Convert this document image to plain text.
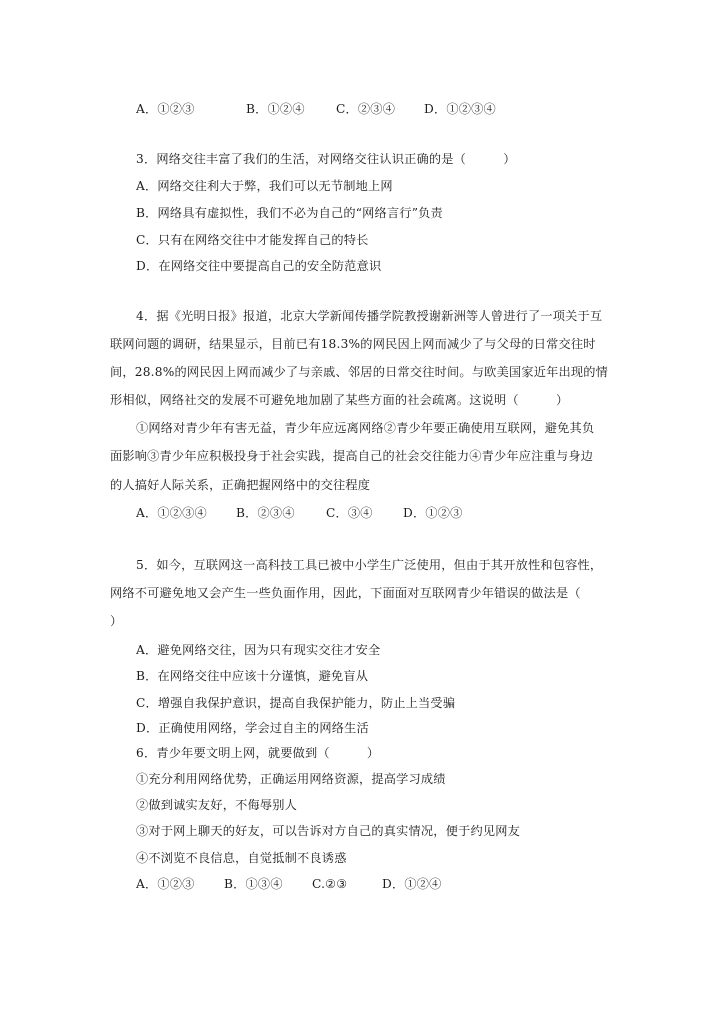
A．①②③	B．①②④	C．②③④ D．①②③④
3．网络交往丰富了我们的生活，对网络交往认识正确的是（　　　）
A．网络交往利大于弊，我们可以无节制地上网
B．网络具有虚拟性，我们不必为自己的“网络言行”负责
C．只有在网络交往中才能发挥自己的特长
D．在网络交往中要提高自己的安全防范意识
4．据《光明日报》报道，北京大学新闻传播学院教授谢新洲等人曾进行了一项关于互
联网问题的调研，结果显示，目前已有18.3%的网民因上网而减少了与父母的日常交往时
间，28.8%的网民因上网而减少了与亲戚、邻居的日常交往时间。与欧美国家近年出现的情
形相似，网络社交的发展不可避免地加剧了某些方面的社会疏离。这说明（　　　）
①网络对青少年有害无益，青少年应远离网络②青少年要正确使用互联网，避免其负
面影响③青少年应积极投身于社会实践，提高自己的社会交往能力④青少年应注重与身边
的人搞好人际关系，正确把握网络中的交往程度
A．①②③④ B．②③④	C．③④ D．①②③
5．如今，互联网这一高科技工具已被中小学生广泛使用，但由于其开放性和包容性，
网络不可避免地又会产生一些负面作用，因此，下面面对互联网青少年错误的做法是（
）
A．避免网络交往，因为只有现实交往才安全
B．在网络交往中应该十分谨慎，避免盲从
C．增强自我保护意识，提高自我保护能力，防止上当受骗
D．正确使用网络，学会过自主的网络生活
6．青少年要文明上网，就要做到（　　　）
①充分利用网络优势，正确运用网络资源，提高学习成绩
②做到诚实友好，不侮辱别人
③对于网上聊天的好友，可以告诉对方自己的真实情况，便于约见网友
④不浏览不良信息，自觉抵制不良诱惑
A．①②③ B．①③④ C.②③	D．①②④
